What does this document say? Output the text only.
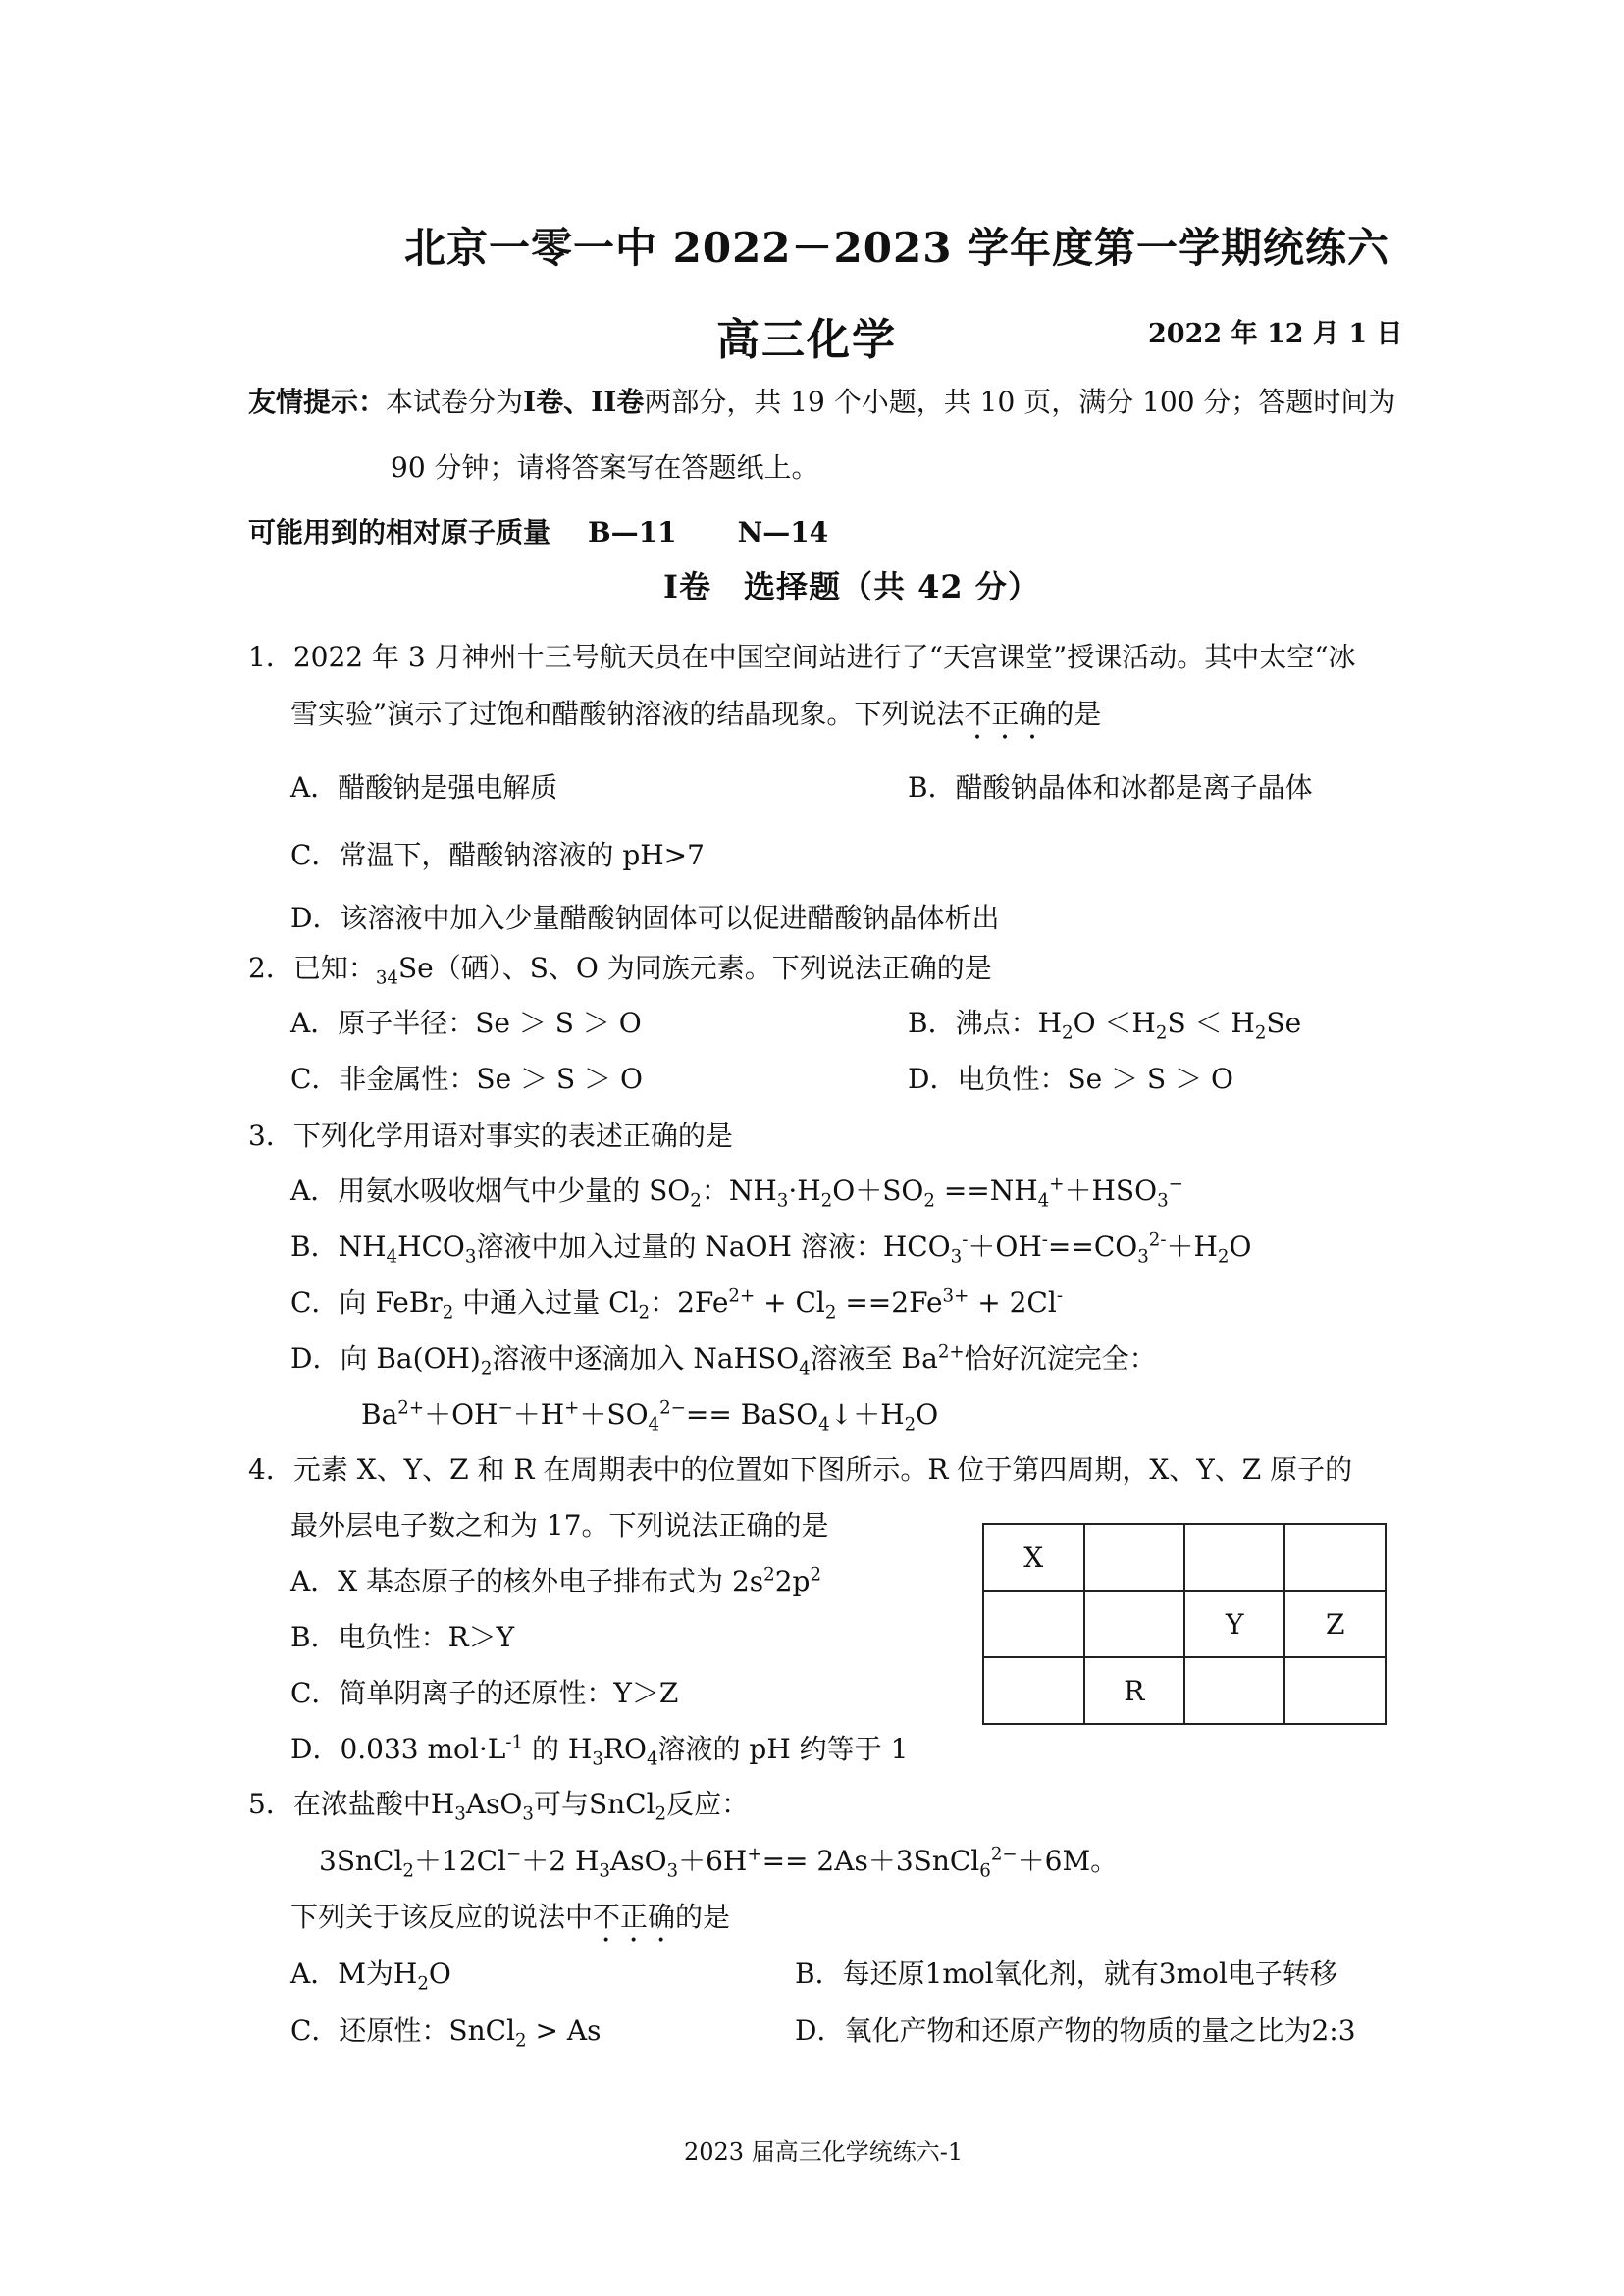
北京一零一中 2022－2023 学年度第一学期统练六
高三化学	2022 年 12 月 1 日
友情提示：本试卷分为I卷、II卷两部分，共 19 个小题，共 10 页，满分 100 分；答题时间为
90 分钟；请将答案写在答题纸上。
可能用到的相对原子质量 B—11 N—14
I卷　选择题（共 42 分）
1．2022 年 3 月神州十三号航天员在中国空间站进行了“天宫课堂”授课活动。其中太空“冰
雪实验”演示了过饱和醋酸钠溶液的结晶现象。下列说法不正确的是
A．醋酸钠是强电解质	B．醋酸钠晶体和冰都是离子晶体
C．常温下，醋酸钠溶液的 pH>7
D．该溶液中加入少量醋酸钠固体可以促进醋酸钠晶体析出
2．已知：$_{34}$Se（硒）、S、O 为同族元素。下列说法正确的是
A．原子半径：Se ＞ S ＞ O	B．沸点：$H_2O <H_2S < H_2Se$
C．非金属性：Se ＞ S ＞ O	D．电负性：Se ＞ S ＞ O
3．下列化学用语对事实的表述正确的是
A．用氨水吸收烟气中少量的 $SO_2$：$NH_3\cdot H_2O+SO_2 ==NH_4^++HSO_3^-$
B．$NH_4HCO_3$溶液中加入过量的 NaOH 溶液：$HCO_3^-+OH^-==CO_3^{2-}+H_2O$
C．向 FeBr$_2$ 中通入过量 $Cl_2$：$2Fe^{2+} + Cl_2 ==2Fe^{3+} + 2Cl^-$
D．向 $Ba(OH)_2$溶液中逐滴加入 NaHSO$_4$溶液至 $Ba^{2+}$恰好沉淀完全：
$Ba^{2+}+OH^-+H^++SO_4^{2-}==$ $BaSO_4↓+H_2O$
4．元素 X、Y、Z 和 R 在周期表中的位置如下图所示。R 位于第四周期，X、Y、Z 原子的
最外层电子数之和为 17。下列说法正确的是
A．X 基态原子的核外电子排布式为 $2s^22p^2$
B．电负性：R＞Y
C．简单阴离子的还原性：Y＞Z
D．0.033 $mol\cdot L^{-1}$ 的 $H_3RO_4$溶液的 pH 约等于 1
X			
		Y	Z
	R		
5．在浓盐酸中$H_3AsO_3$可与SnCl$_2$反应：
3SnCl$_2$＋12Cl−＋2 $H_3AsO_3+6H^+==$ 2As＋3SnCl$_6^{2-}$＋6M。
下列关于该反应的说法中不正确的是
A．M为$H_2O$	B．每还原1mol氧化剂，就有3mol电子转移
C．还原性：SnCl$_2$ > As	D．氧化产物和还原产物的物质的量之比为2:3
2023 届高三化学统练六-1
